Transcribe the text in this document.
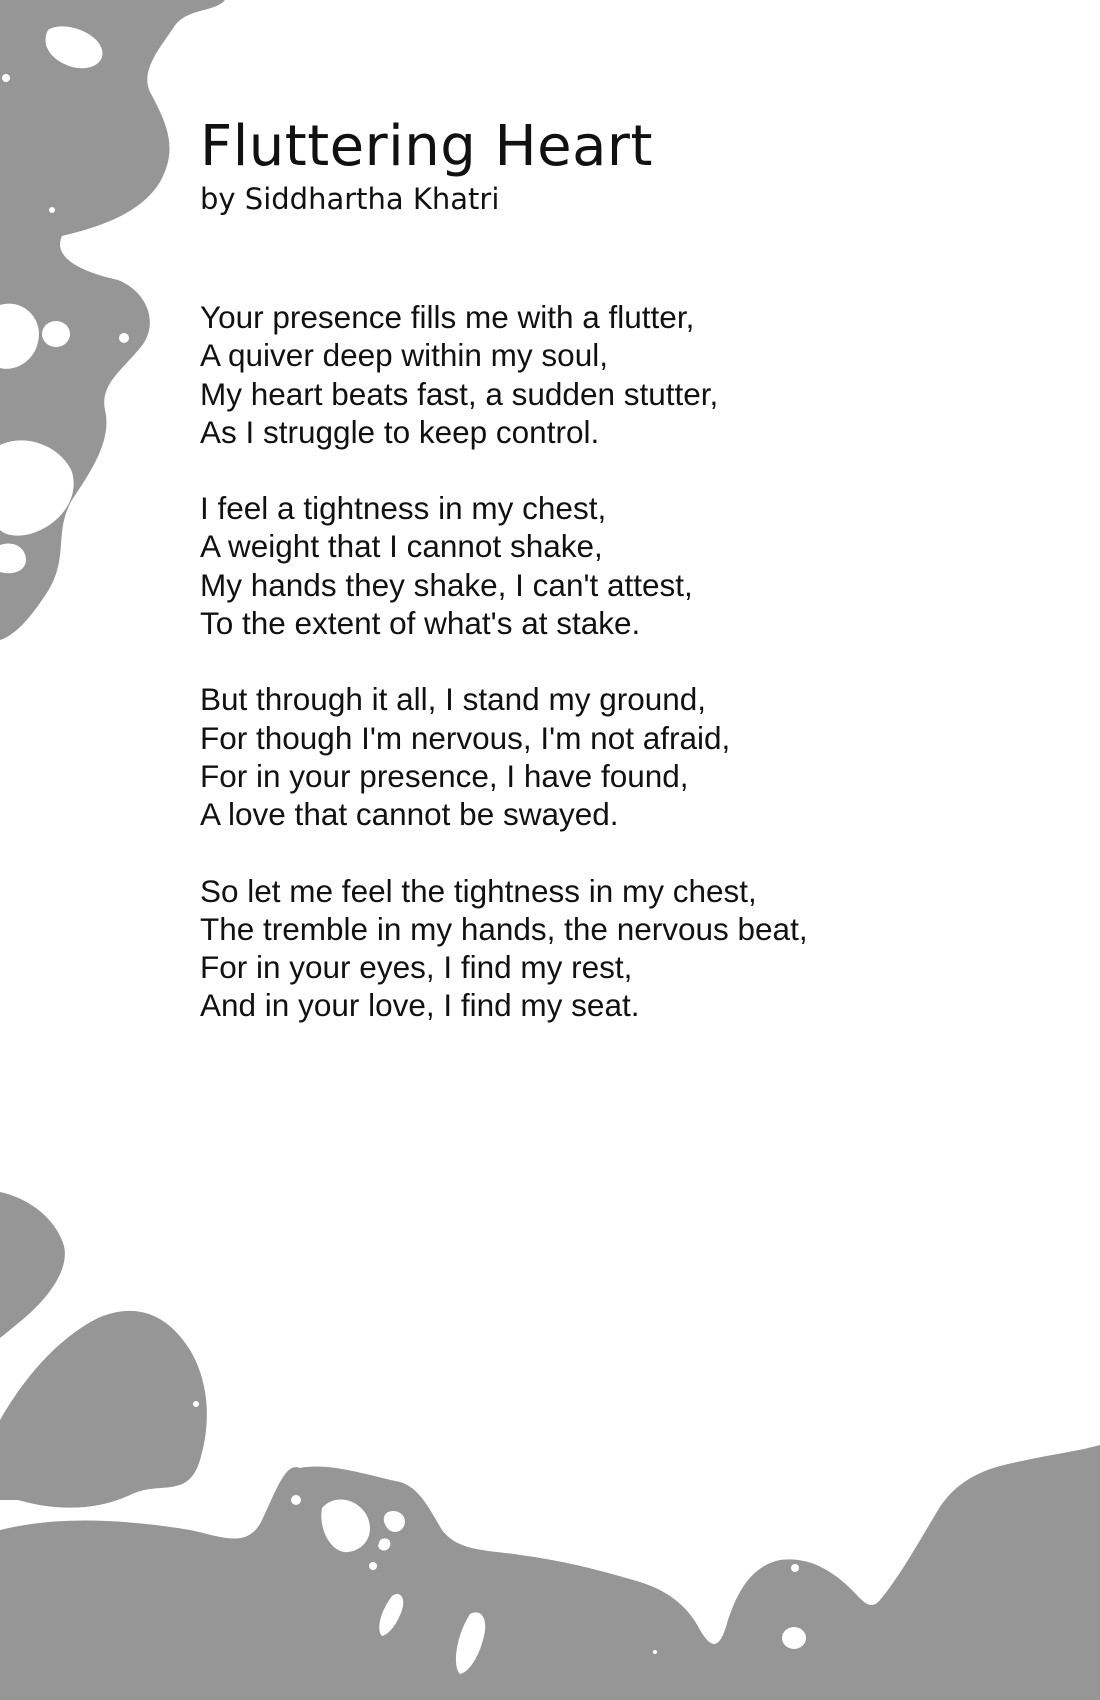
Fluttering Heart

by Siddhartha Khatri

Your presence fills me with a flutter,
A quiver deep within my soul,
My heart beats fast, a sudden stutter,
As I struggle to keep control.
I feel a tightness in my chest,
A weight that I cannot shake,
My hands they shake, I can't attest,
To the extent of what's at stake.
But through it all, I stand my ground,
For though I'm nervous, I'm not afraid,
For in your presence, I have found,
A love that cannot be swayed.
So let me feel the tightness in my chest,
The tremble in my hands, the nervous beat,
For in your eyes, I find my rest,
And in your love, I find my seat.
